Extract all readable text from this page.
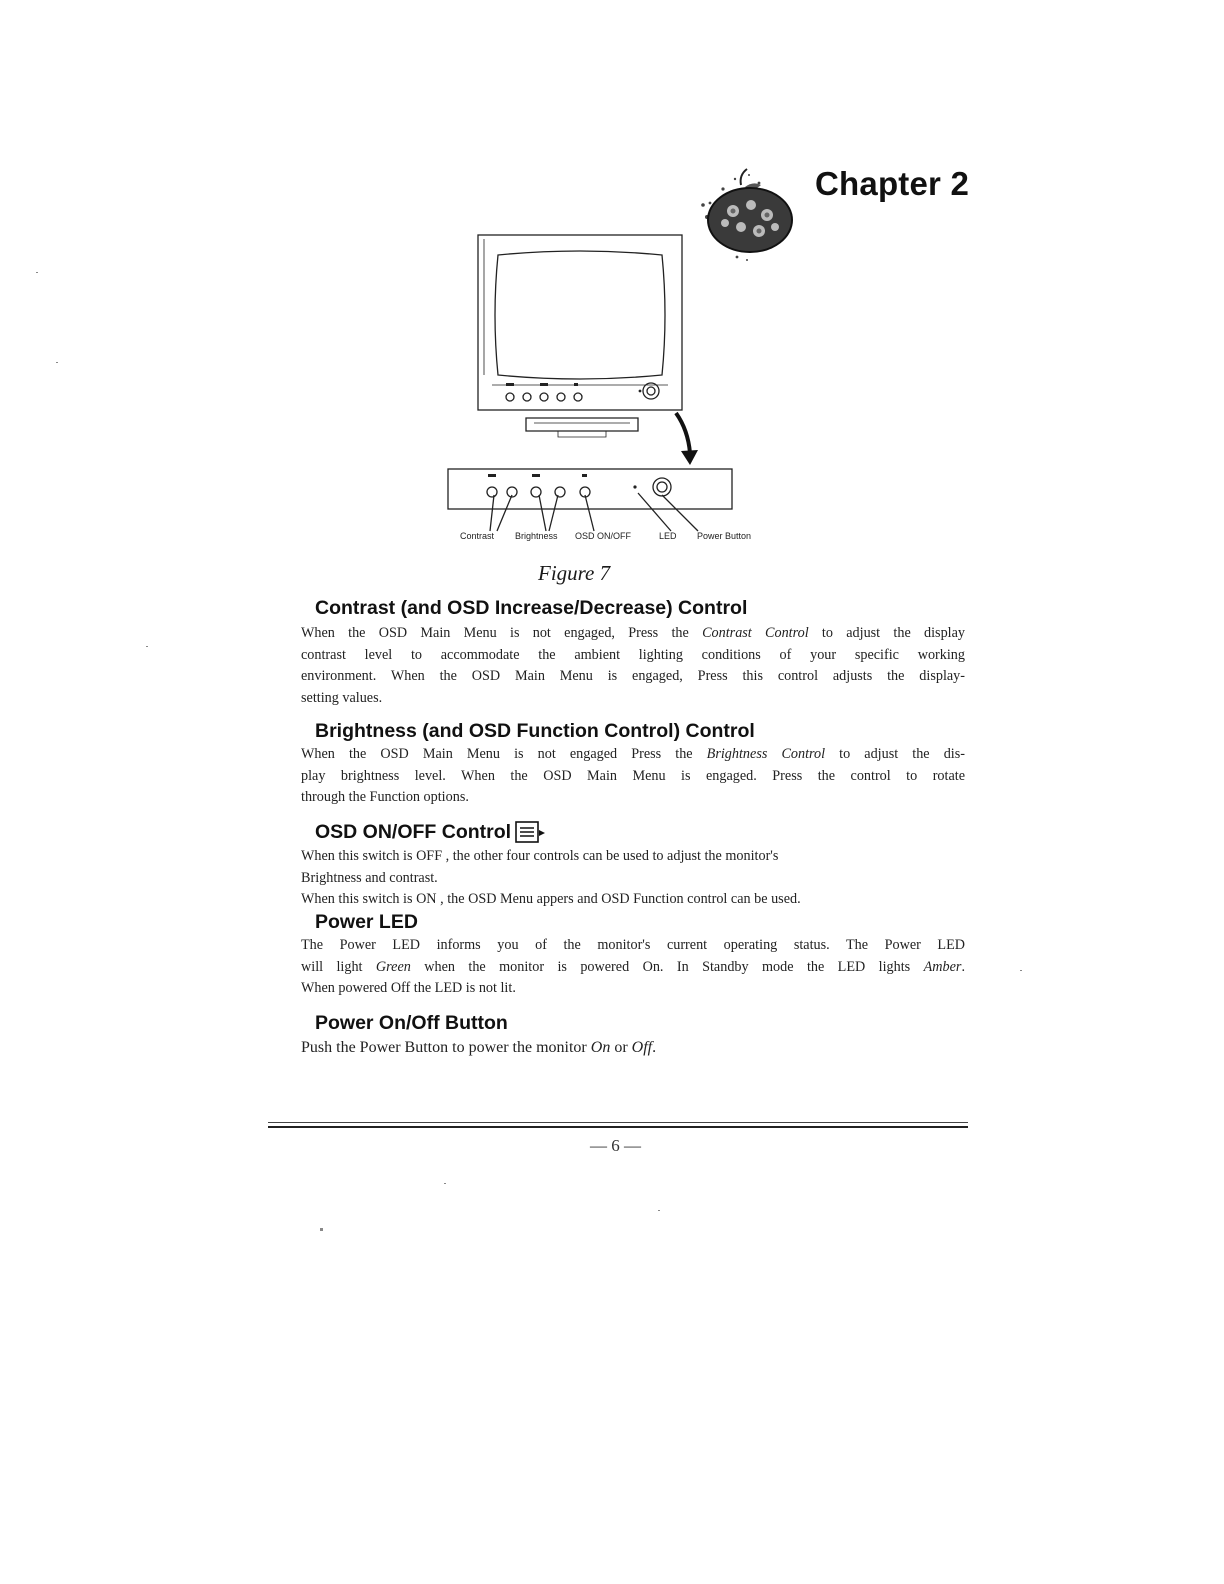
Chapter 2
Contrast Brightness OSD ON/OFF	LED Power Button
Figure 7
Contrast (and OSD Increase/Decrease) Control
When the OSD Main Menu is not engaged, Press the Contrast Control to adjust the display
contrast level to accommodate the ambient lighting conditions of your specific working
environment. When the OSD Main Menu is engaged, Press this control adjusts the display-
setting values.
Brightness (and OSD Function Control) Control
When the OSD Main Menu is not engaged Press the Brightness Control to adjust the dis-
play brightness level. When the OSD Main Menu is engaged. Press the control to rotate
through the Function options.
OSD ON/OFF Control
When this switch is OFF , the other four controls can be used to adjust the monitor's
Brightness and contrast.
When this switch is ON , the OSD Menu appers and OSD Function control can be used.
Power LED
The Power LED informs you of the monitor's current operating status. The Power LED
will light Green when the monitor is powered On. In Standby mode the LED lights Amber.
When powered Off the LED is not lit.
Power On/Off Button
Push the Power Button to power the monitor On or Off.
— 6 —
